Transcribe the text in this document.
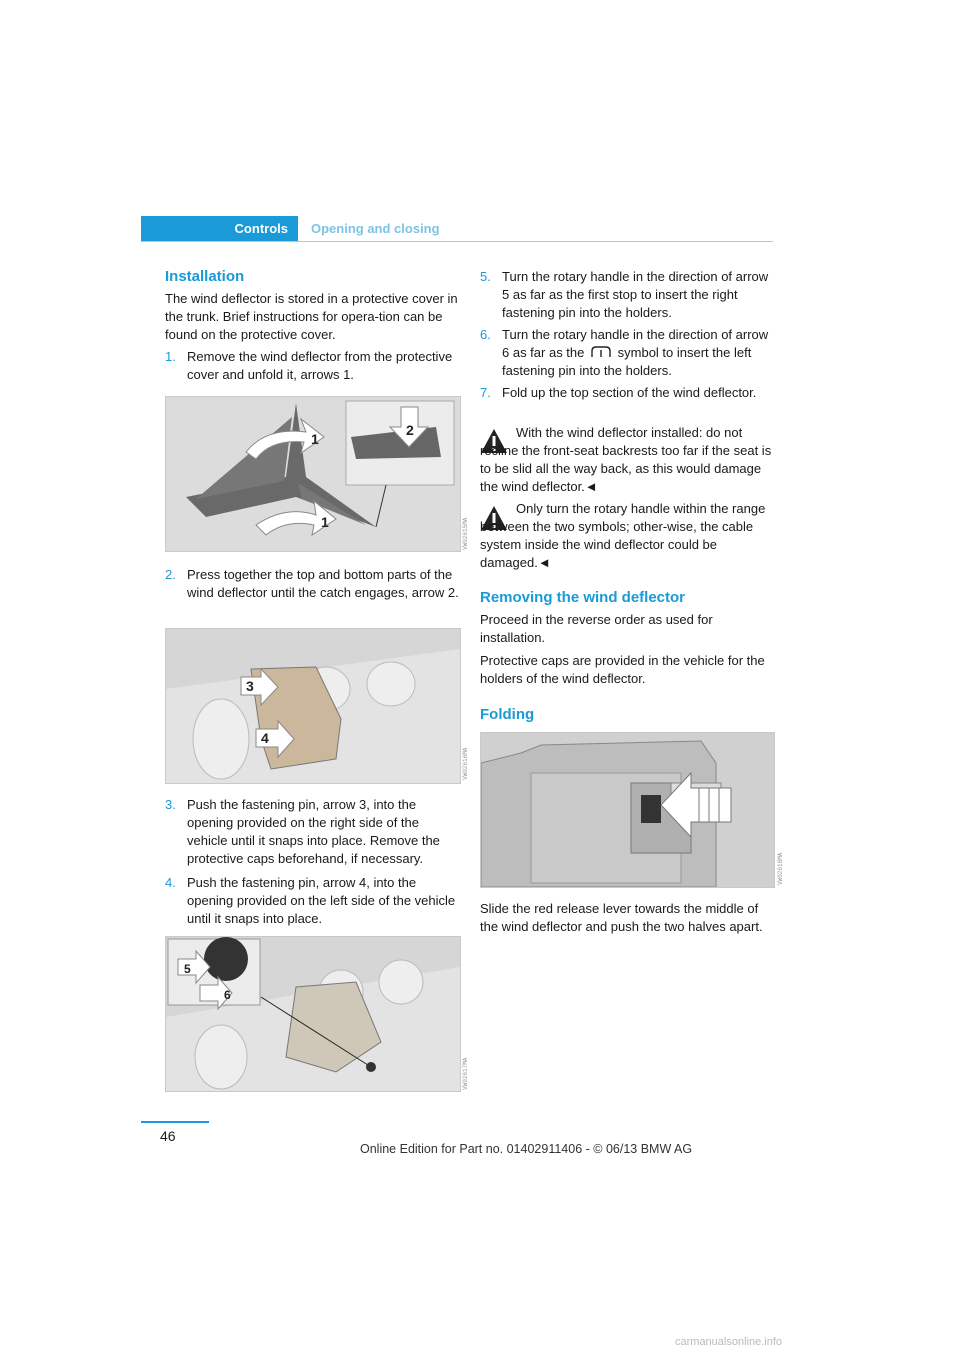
Controls	Opening and closing
Installation

The wind deflector is stored in a protective cover in the trunk. Brief instructions for opera-tion can be found on the protective cover.

1. Remove the wind deflector from the protective cover and unfold it, arrows 1.
1
1
2
VW02615MA
2. Press together the top and bottom parts of the wind deflector until the catch engages, arrow 2.
3
4
VW02616MA
3. Push the fastening pin, arrow 3, into the opening provided on the right side of the vehicle until it snaps into place. Remove the protective caps beforehand, if necessary.
4. Push the fastening pin, arrow 4, into the opening provided on the left side of the vehicle until it snaps into place.
5
6
VW02617MA
5. Turn the rotary handle in the direction of arrow 5 as far as the first stop to insert the right fastening pin into the holders.
6. Turn the rotary handle in the direction of arrow 6 as far as the	symbol to insert the left fastening pin into the holders.
7. Fold up the top section of the wind deflector.
With the wind deflector installed: do not recline the front-seat backrests too far if the seat is to be slid all the way back, as this would damage the wind deflector.◄
Only turn the rotary handle within the range between the two symbols; other-wise, the cable system inside the wind deflector could be damaged.◄
Removing the wind deflector

Proceed in the reverse order as used for installation.

Protective caps are provided in the vehicle for the holders of the wind deflector.

Folding
VW02618MA

Slide the red release lever towards the middle of the wind deflector and push the two halves apart.

46
Online Edition for Part no. 01402911406 - © 06/13 BMW AG
carmanualsonline.info
